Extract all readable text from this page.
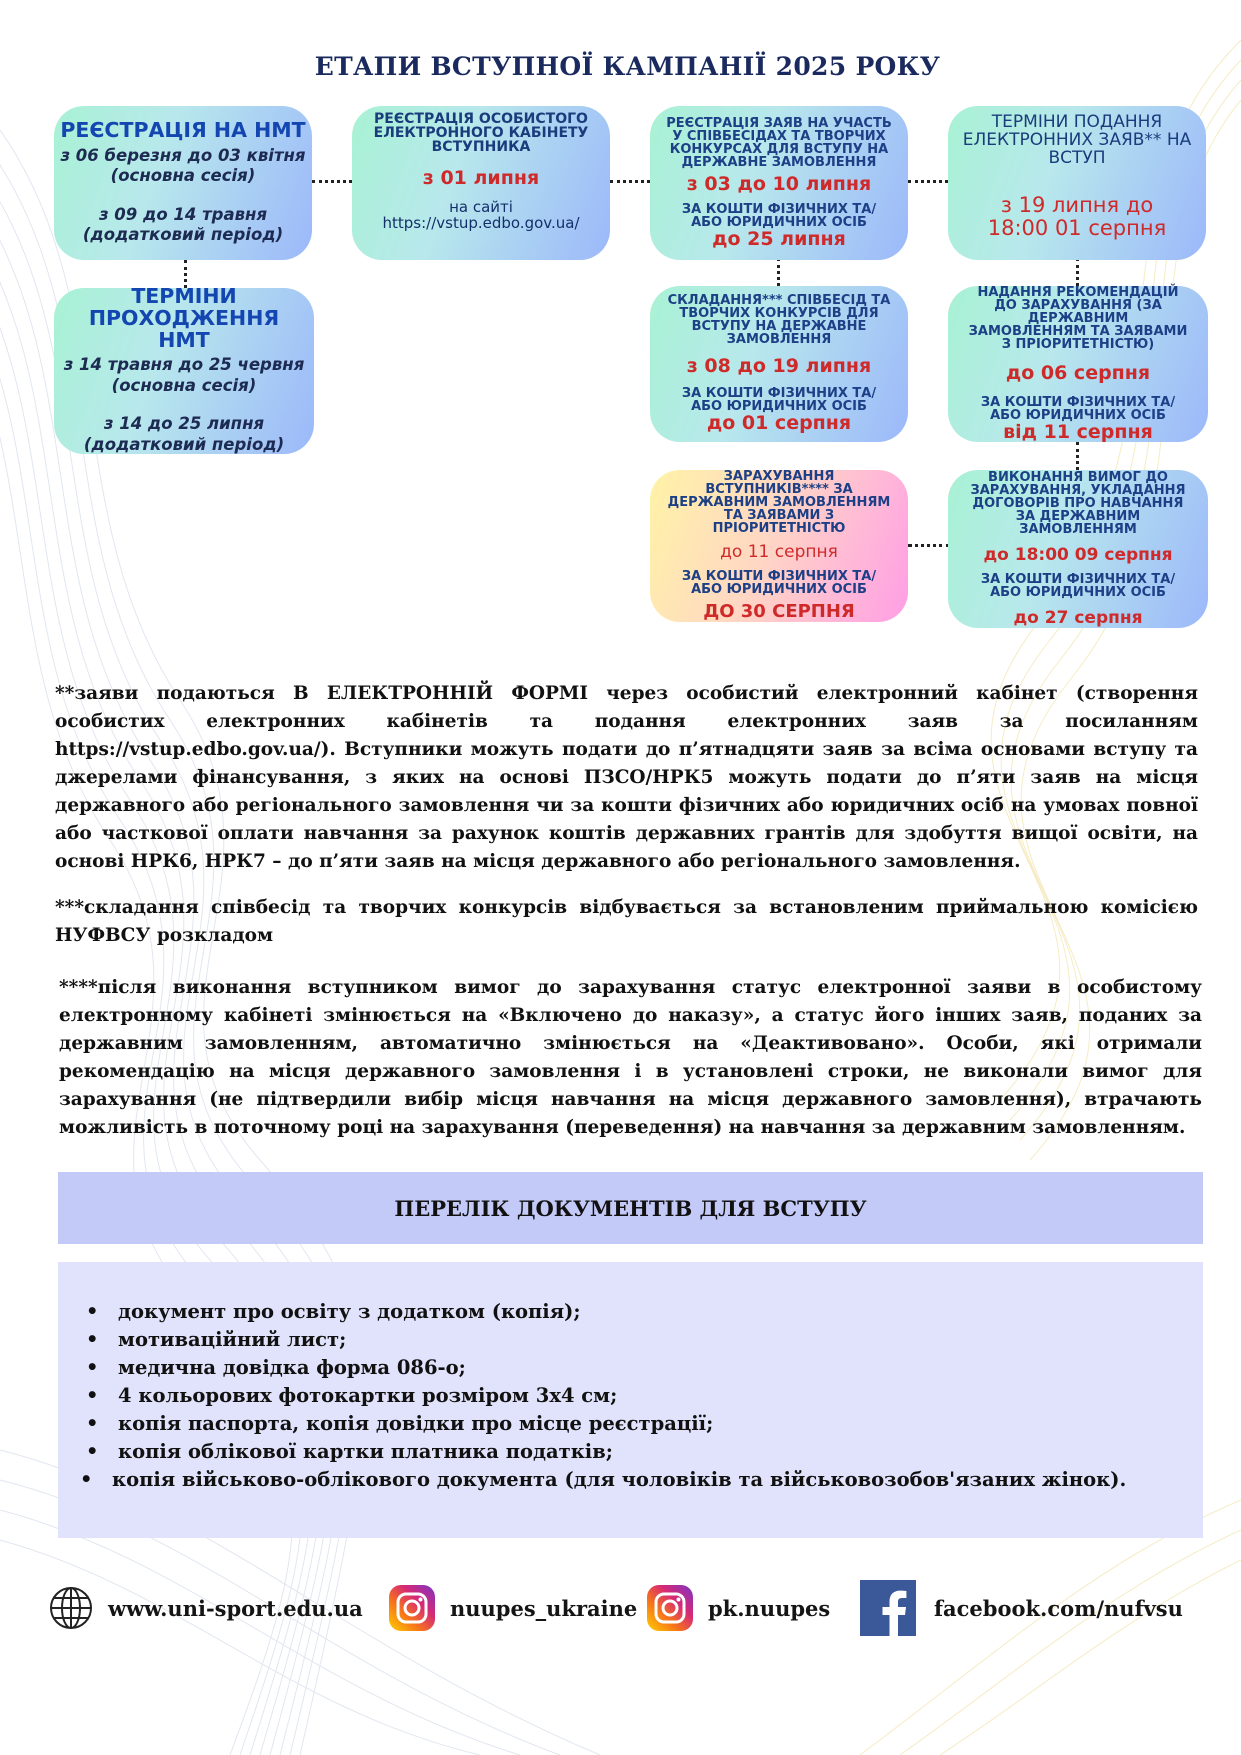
ЕТАПИ ВСТУПНОЇ КАМПАНІЇ 2025 РОКУ
РЕЄСТРАЦІЯ НА НМТ
з 06 березня до 03 квітня
(основна сесія)
з 09 до 14 травня
(додатковий період)
ТЕРМІНИ ПРОХОДЖЕННЯ НМТ
з 14 травня до 25 червня
(основна сесія)
з 14 до 25 липня
(додатковий період)
РЕЄСТРАЦІЯ ОСОБИСТОГО ЕЛЕКТРОННОГО КАБІНЕТУ ВСТУПНИКА
з 01 липня
на сайті
https://vstup.edbo.gov.ua/
РЕЄСТРАЦІЯ ЗАЯВ НА УЧАСТЬ У СПІВБЕСІДАХ ТА ТВОРЧИХ КОНКУРСАХ ДЛЯ ВСТУПУ НА ДЕРЖАВНЕ ЗАМОВЛЕННЯ
з 03 до 10 липня
ЗА КОШТИ ФІЗИЧНИХ ТА/АБО ЮРИДИЧНИХ ОСІБ
до 25 липня
ТЕРМІНИ ПОДАННЯ ЕЛЕКТРОННИХ ЗАЯВ** НА ВСТУП
з 19 липня до 18:00 01 серпня
СКЛАДАННЯ*** СПІВБЕСІД ТА ТВОРЧИХ КОНКУРСІВ ДЛЯ ВСТУПУ НА ДЕРЖАВНЕ ЗАМОВЛЕННЯ
з 08 до 19 липня
ЗА КОШТИ ФІЗИЧНИХ ТА/АБО ЮРИДИЧНИХ ОСІБ
до 01 серпня
НАДАННЯ РЕКОМЕНДАЦІЙ ДО ЗАРАХУВАННЯ (ЗА ДЕРЖАВНИМ ЗАМОВЛЕННЯМ ТА ЗАЯВАМИ З ПРІОРИТЕТНІСТЮ)
до 06 серпня
ЗА КОШТИ ФІЗИЧНИХ ТА/АБО ЮРИДИЧНИХ ОСІБ
від 11 серпня
ЗАРАХУВАННЯ ВСТУПНИКІВ**** ЗА ДЕРЖАВНИМ ЗАМОВЛЕННЯМ ТА ЗАЯВАМИ З ПРІОРИТЕТНІСТЮ
до 11 серпня
ЗА КОШТИ ФІЗИЧНИХ ТА/АБО ЮРИДИЧНИХ ОСІБ
ДО 30 СЕРПНЯ
ВИКОНАННЯ ВИМОГ ДО ЗАРАХУВАННЯ, УКЛАДАННЯ ДОГОВОРІВ ПРО НАВЧАННЯ ЗА ДЕРЖАВНИМ ЗАМОВЛЕННЯМ
до 18:00 09 серпня
ЗА КОШТИ ФІЗИЧНИХ ТА/АБО ЮРИДИЧНИХ ОСІБ
до 27 серпня
**заяви подаються В ЕЛЕКТРОННІЙ ФОРМІ через особистий електронний кабінет (створення особистих електронних кабінетів та подання електронних заяв за посиланням https://vstup.edbo.gov.ua/). Вступники можуть подати до п’ятнадцяти заяв за всіма основами вступу та джерелами фінансування, з яких на основі ПЗСО/НРК5 можуть подати до п’яти заяв на місця державного або регіонального замовлення чи за кошти фізичних або юридичних осіб на умовах повної або часткової оплати навчання за рахунок коштів державних грантів для здобуття вищої освіти, на основі НРК6, НРК7 – до п’яти заяв на місця державного або регіонального замовлення.
***складання співбесід та творчих конкурсів відбувається за встановленим приймальною комісією НУФВСУ розкладом
****після виконання вступником вимог до зарахування статус електронної заяви в особистому електронному кабінеті змінюється на «Включено до наказу», а статус його інших заяв, поданих за державним замовленням, автоматично змінюється на «Деактивовано». Особи, які отримали рекомендацію на місця державного замовлення і в установлені строки, не виконали вимог для зарахування (не підтвердили вибір місця навчання на місця державного замовлення), втрачають можливість в поточному році на зарахування (переведення) на навчання за державним замовленням.
ПЕРЕЛІК ДОКУМЕНТІВ ДЛЯ ВСТУПУ
• документ про освіту з додатком (копія);
• мотиваційний лист;
• медична довідка форма 086-о;
• 4 кольорових фотокартки розміром 3х4 см;
• копія паспорта, копія довідки про місце реєстрації;
• копія облікової картки платника податків;
• копія військово-облікового документа (для чоловіків та військовозобов'язаних жінок).
www.uni-sport.edu.ua	nuupes_ukraine	pk.nuupes	facebook.com/nufvsu
